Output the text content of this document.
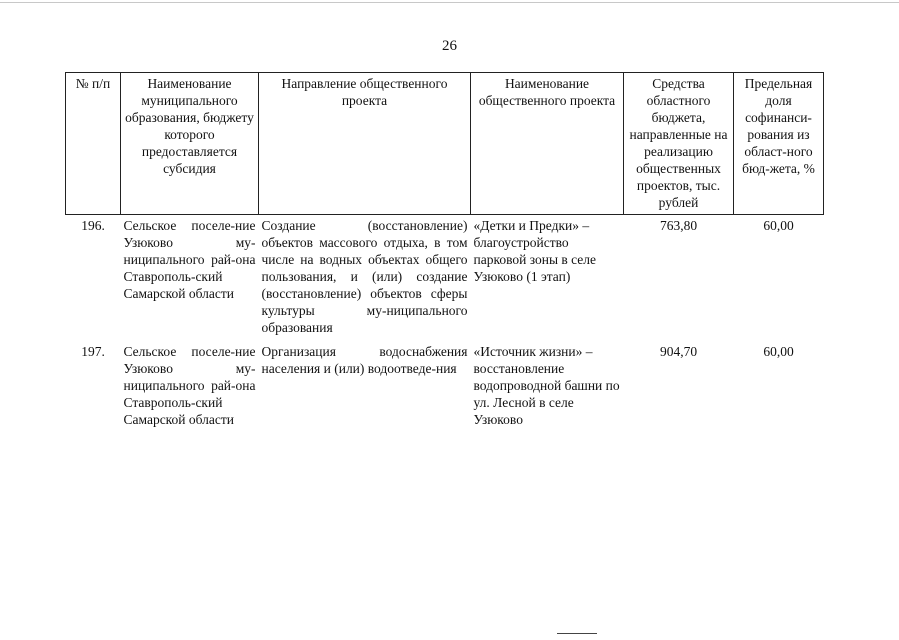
26
№ п/п	Наименование муниципального образования, бюджету которого предоставляется субсидия	Направление общественного проекта	Наименование общественного проекта	Средства областного бюджета, направленные на реализацию общественных проектов, тыс. рублей	Предельная доля софинанси-рования из област-ного бюд-жета, %
196.	Сельское поселе-ние Узюково му-ниципального рай-она Ставрополь-ский Самарской области	Создание (восстановление) объектов массового отдыха, в том числе на водных объектах общего пользования, и (или) создание (восстановление) объектов сферы культуры му-ниципального образования	«Детки и Предки» – благоустройство парковой зоны в селе Узюково (1 этап)	763,80	60,00
197.	Сельское поселе-ние Узюково му-ниципального рай-она Ставрополь-ский Самарской области	Организация водоснабжения населения и (или) водоотведе-ния	«Источник жизни» – восстановление водопроводной башни по ул. Лесной в селе Узюково	904,70	60,00
